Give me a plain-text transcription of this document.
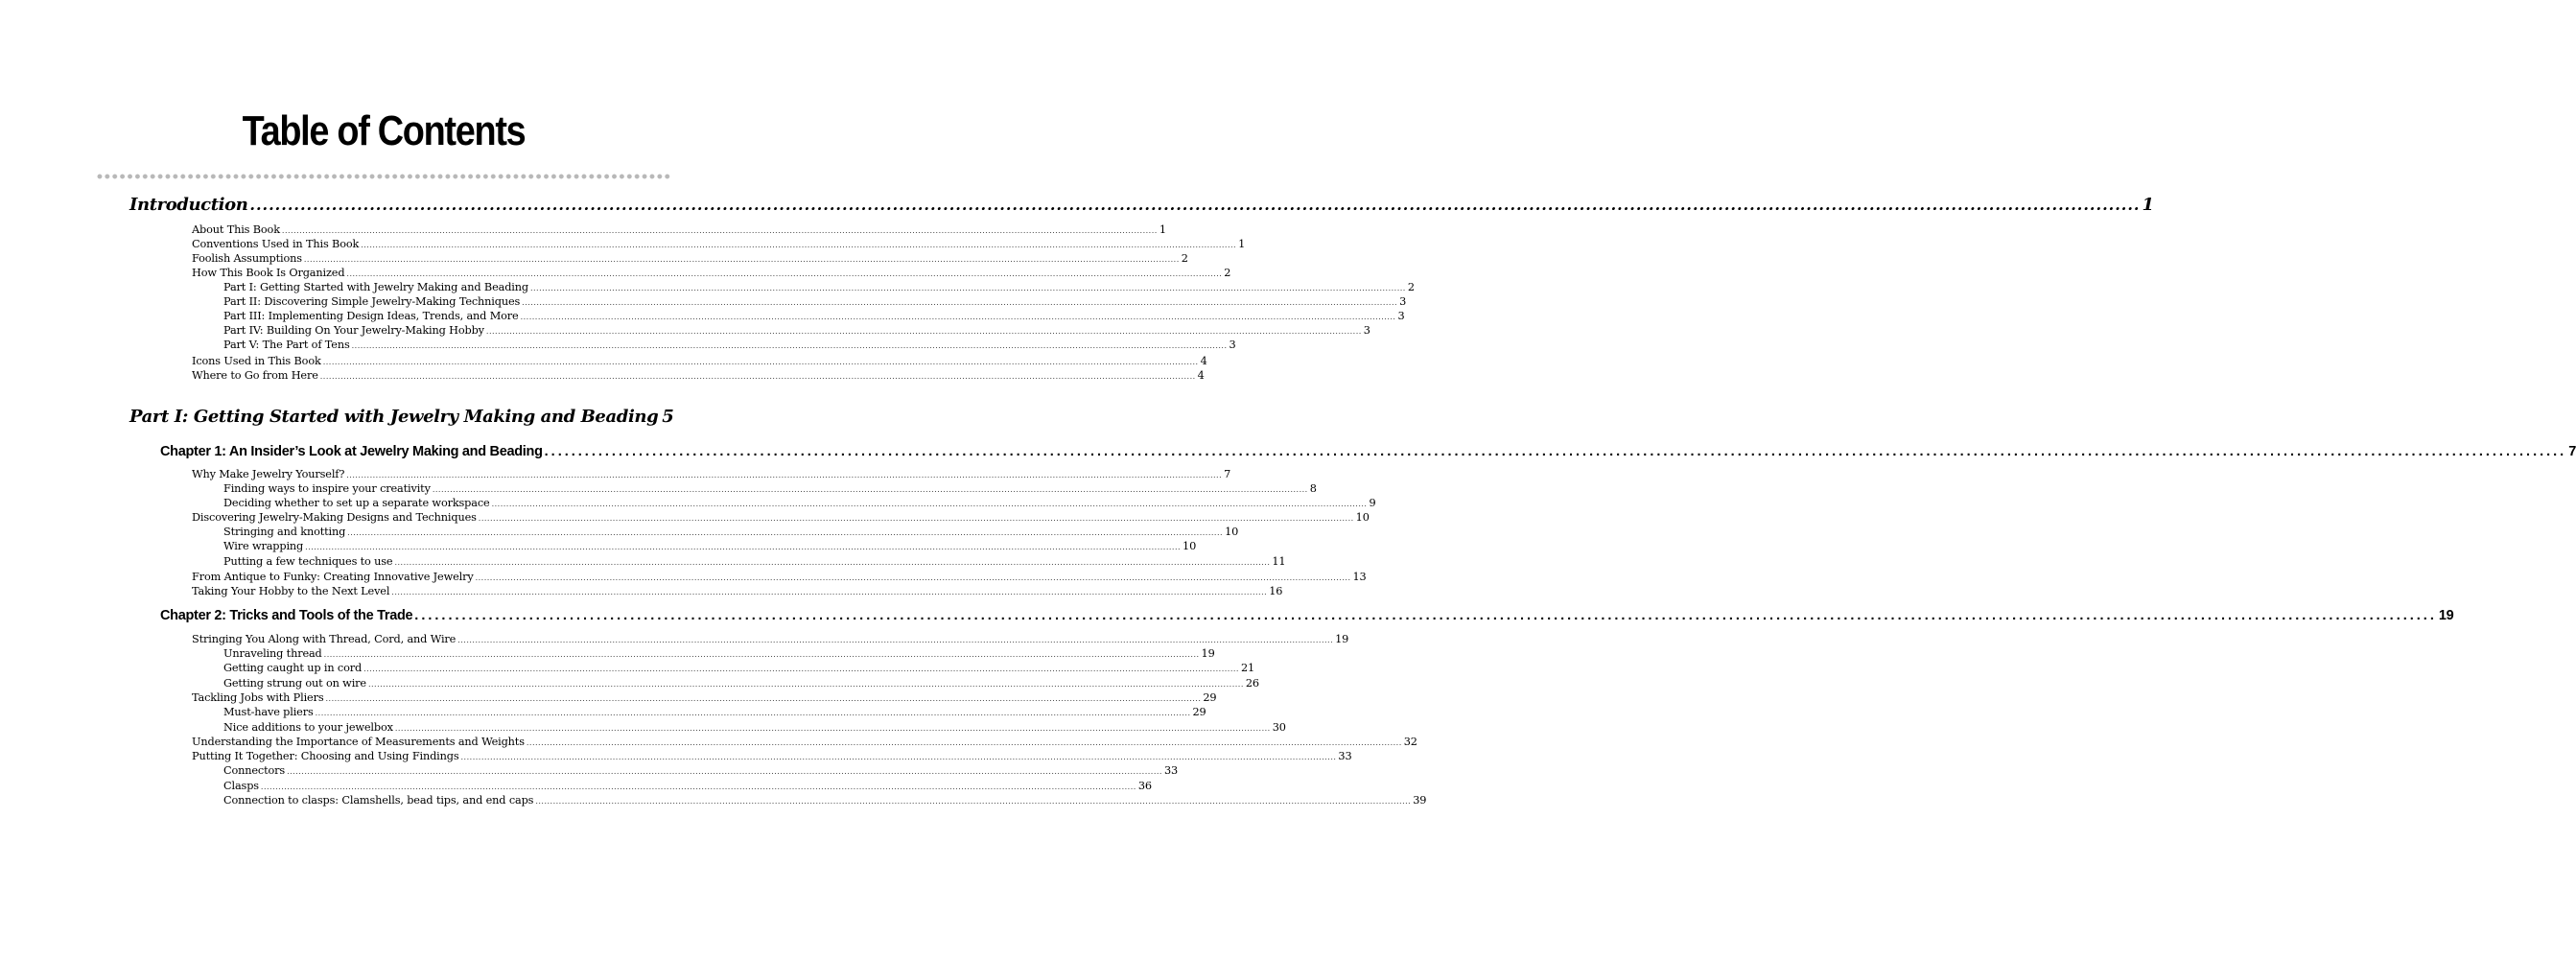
Table of Contents
Introduction ............................................................................................................................................................................................................................................................................................................ 1
About This Book ............................................................................................................................................................................................................................................................................................................ 1
Conventions Used in This Book ............................................................................................................................................................................................................................................................................................................ 1
Foolish Assumptions ............................................................................................................................................................................................................................................................................................................ 2
How This Book Is Organized ............................................................................................................................................................................................................................................................................................................ 2
Part I: Getting Started with Jewelry Making and Beading ............................................................................................................................................................................................................................................................................................................ 2
Part II: Discovering Simple Jewelry-Making Techniques ............................................................................................................................................................................................................................................................................................................ 3
Part III: Implementing Design Ideas, Trends, and More ............................................................................................................................................................................................................................................................................................................ 3
Part IV: Building On Your Jewelry-Making Hobby ............................................................................................................................................................................................................................................................................................................ 3
Part V: The Part of Tens ............................................................................................................................................................................................................................................................................................................ 3
Icons Used in This Book ............................................................................................................................................................................................................................................................................................................ 4
Where to Go from Here ............................................................................................................................................................................................................................................................................................................ 4
Part I: Getting Started with Jewelry Making and Beading 5
Chapter 1: An Insider’s Look at Jewelry Making and Beading ............................................................................................................................................................................................................................................................................................................ 7
Why Make Jewelry Yourself? ............................................................................................................................................................................................................................................................................................................ 7
Finding ways to inspire your creativity ............................................................................................................................................................................................................................................................................................................ 8
Deciding whether to set up a separate workspace ............................................................................................................................................................................................................................................................................................................ 9
Discovering Jewelry-Making Designs and Techniques ............................................................................................................................................................................................................................................................................................................ 10
Stringing and knotting ............................................................................................................................................................................................................................................................................................................ 10
Wire wrapping ............................................................................................................................................................................................................................................................................................................ 10
Putting a few techniques to use ............................................................................................................................................................................................................................................................................................................ 11
From Antique to Funky: Creating Innovative Jewelry ............................................................................................................................................................................................................................................................................................................ 13
Taking Your Hobby to the Next Level ............................................................................................................................................................................................................................................................................................................ 16
Chapter 2: Tricks and Tools of the Trade ............................................................................................................................................................................................................................................................................................................ 19
Stringing You Along with Thread, Cord, and Wire ............................................................................................................................................................................................................................................................................................................ 19
Unraveling thread ............................................................................................................................................................................................................................................................................................................ 19
Getting caught up in cord ............................................................................................................................................................................................................................................................................................................ 21
Getting strung out on wire ............................................................................................................................................................................................................................................................................................................ 26
Tackling Jobs with Pliers ............................................................................................................................................................................................................................................................................................................ 29
Must-have pliers ............................................................................................................................................................................................................................................................................................................ 29
Nice additions to your jewelbox ............................................................................................................................................................................................................................................................................................................ 30
Understanding the Importance of Measurements and Weights ............................................................................................................................................................................................................................................................................................................ 32
Putting It Together: Choosing and Using Findings ............................................................................................................................................................................................................................................................................................................ 33
Connectors ............................................................................................................................................................................................................................................................................................................ 33
Clasps ............................................................................................................................................................................................................................................................................................................ 36
Connection to clasps: Clamshells, bead tips, and end caps ............................................................................................................................................................................................................................................................................................................ 39
